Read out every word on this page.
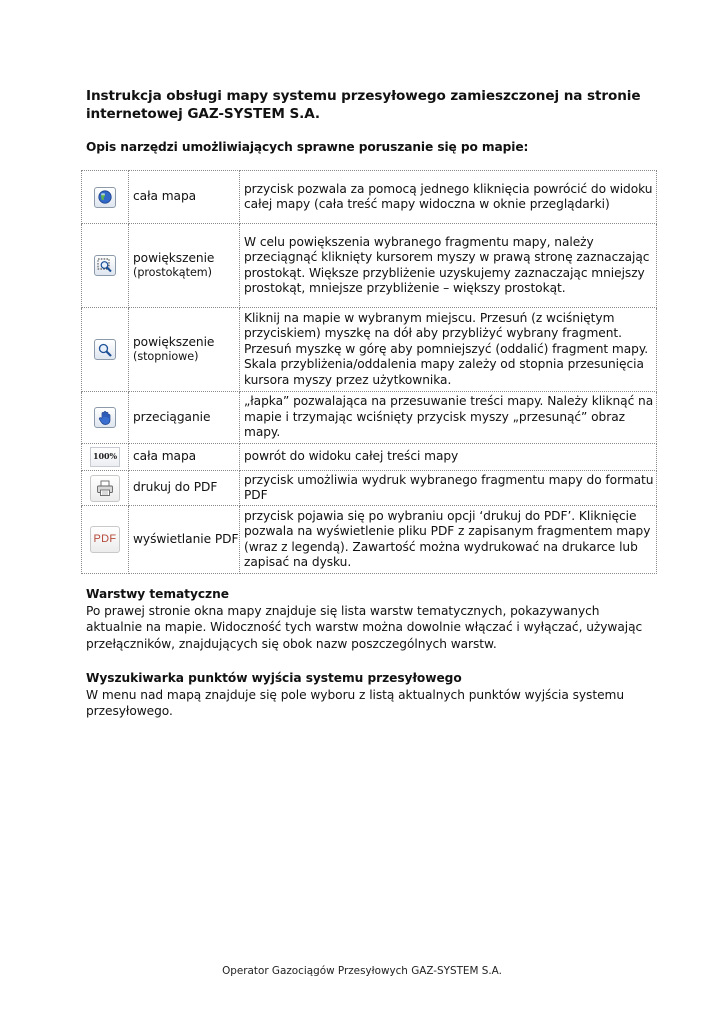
Instrukcja obsługi mapy systemu przesyłowego zamieszczonej na stronie internetowej GAZ-SYSTEM S.A.
Opis narzędzi umożliwiających sprawne poruszanie się po mapie:
	cała mapa	przycisk pozwala za pomocą jednego kliknięcia powrócić do widoku całej mapy (cała treść mapy widoczna w oknie przeglądarki)

	powiększenie
(prostokątem)	W celu powiększenia wybranego fragmentu mapy, należy przeciągnąć kliknięty kursorem myszy w prawą stronę zaznaczając prostokąt. Większe przybliżenie uzyskujemy zaznaczając mniejszy prostokąt, mniejsze przybliżenie – większy prostokąt.

	powiększenie
(stopniowe)	Kliknij na mapie w wybranym miejscu. Przesuń (z wciśniętym przyciskiem) myszkę na dół aby przybliżyć wybrany fragment. Przesuń myszkę w górę aby pomniejszyć (oddalić) fragment mapy. Skala przybliżenia/oddalenia mapy zależy od stopnia przesunięcia kursora myszy przez użytkownika.

	przeciąganie	„łapka” pozwalająca na przesuwanie treści mapy. Należy kliknąć na mapie i trzymając wciśnięty przycisk myszy „przesunąć” obraz mapy.
100%	cała mapa	powrót do widoku całej treści mapy

	drukuj do PDF	przycisk umożliwia wydruk wybranego fragmentu mapy do formatu PDF
PDF	wyświetlanie PDF	przycisk pojawia się po wybraniu opcji ‘drukuj do PDF’. Kliknięcie pozwala na wyświetlenie pliku PDF z zapisanym fragmentem mapy (wraz z legendą). Zawartość można wydrukować na drukarce lub zapisać na dysku.
Warstwy tematyczne
Po prawej stronie okna mapy znajduje się lista warstw tematycznych, pokazywanych aktualnie na mapie. Widoczność tych warstw można dowolnie włączać i wyłączać, używając przełączników, znajdujących się obok nazw poszczególnych warstw.
Wyszukiwarka punktów wyjścia systemu przesyłowego
W menu nad mapą znajduje się pole wyboru z listą aktualnych punktów wyjścia systemu przesyłowego.
Operator Gazociągów Przesyłowych GAZ-SYSTEM S.A.
